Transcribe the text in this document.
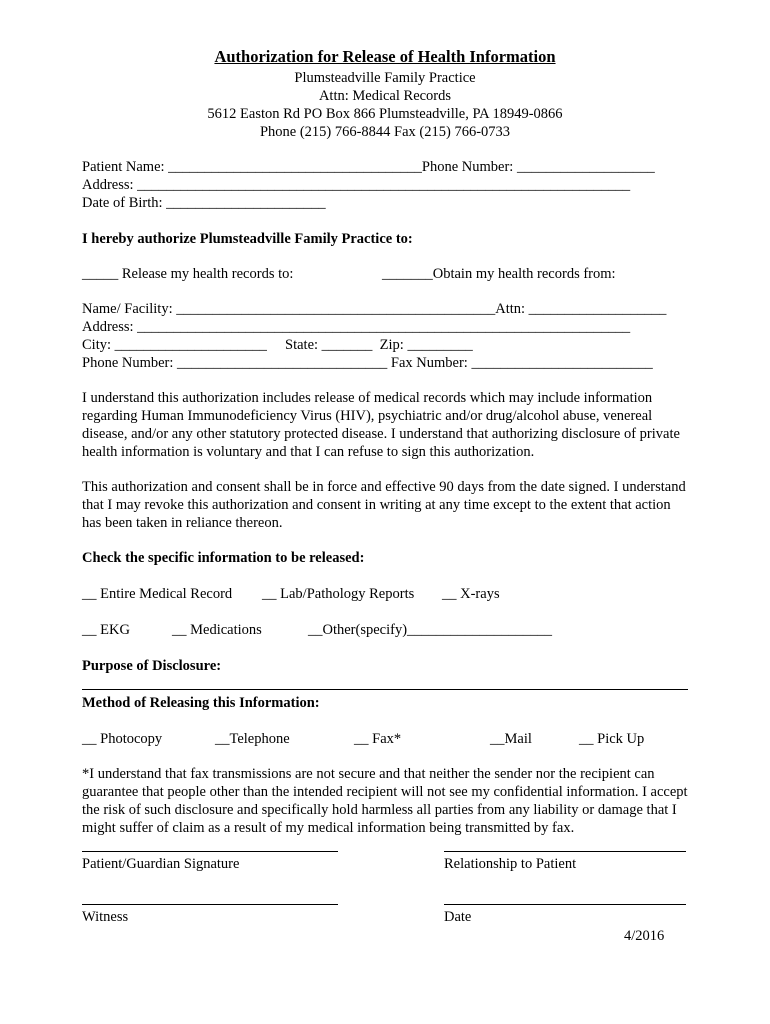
Authorization for Release of Health Information
Plumsteadville Family Practice
Attn: Medical Records
5612 Easton Rd PO Box 866 Plumsteadville, PA 18949-0866
Phone (215) 766-8844 Fax (215) 766-0733
Patient Name: ___________________________________Phone Number: ___________________
Address: ____________________________________________________________________
Date of Birth: ______________________
I hereby authorize Plumsteadville Family Practice to:
_____ Release my health records to:	_______Obtain my health records from:
Name/ Facility: ____________________________________________Attn: ___________________
Address: ____________________________________________________________________
City: _____________________     State: _______  Zip: _________
Phone Number: _____________________________ Fax Number: _________________________
I understand this authorization includes release of medical records which may include information regarding Human Immunodeficiency Virus (HIV), psychiatric and/or drug/alcohol abuse, venereal disease, and/or any other statutory protected disease. I understand that authorizing disclosure of private health information is voluntary and that I can refuse to sign this authorization.
This authorization and consent shall be in force and effective 90 days from the date signed. I understand that I may revoke this authorization and consent in writing at any time except to the extent that action has been taken in reliance thereon.
Check the specific information to be released:
__ Entire Medical Record __ Lab/Pathology Reports __ X-rays
__ EKG	__ Medications	__Other(specify)____________________
Purpose of Disclosure:
Method of Releasing this Information:
__ Photocopy	__Telephone	__ Fax*	__Mail	__ Pick Up
*I understand that fax transmissions are not secure and that neither the sender nor the recipient can guarantee that people other than the intended recipient will not see my confidential information. I accept the risk of such disclosure and specifically hold harmless all parties from any liability or damage that I might suffer of claim as a result of my medical information being transmitted by fax.
Patient/Guardian Signature	Relationship to Patient
Witness	Date
4/2016
